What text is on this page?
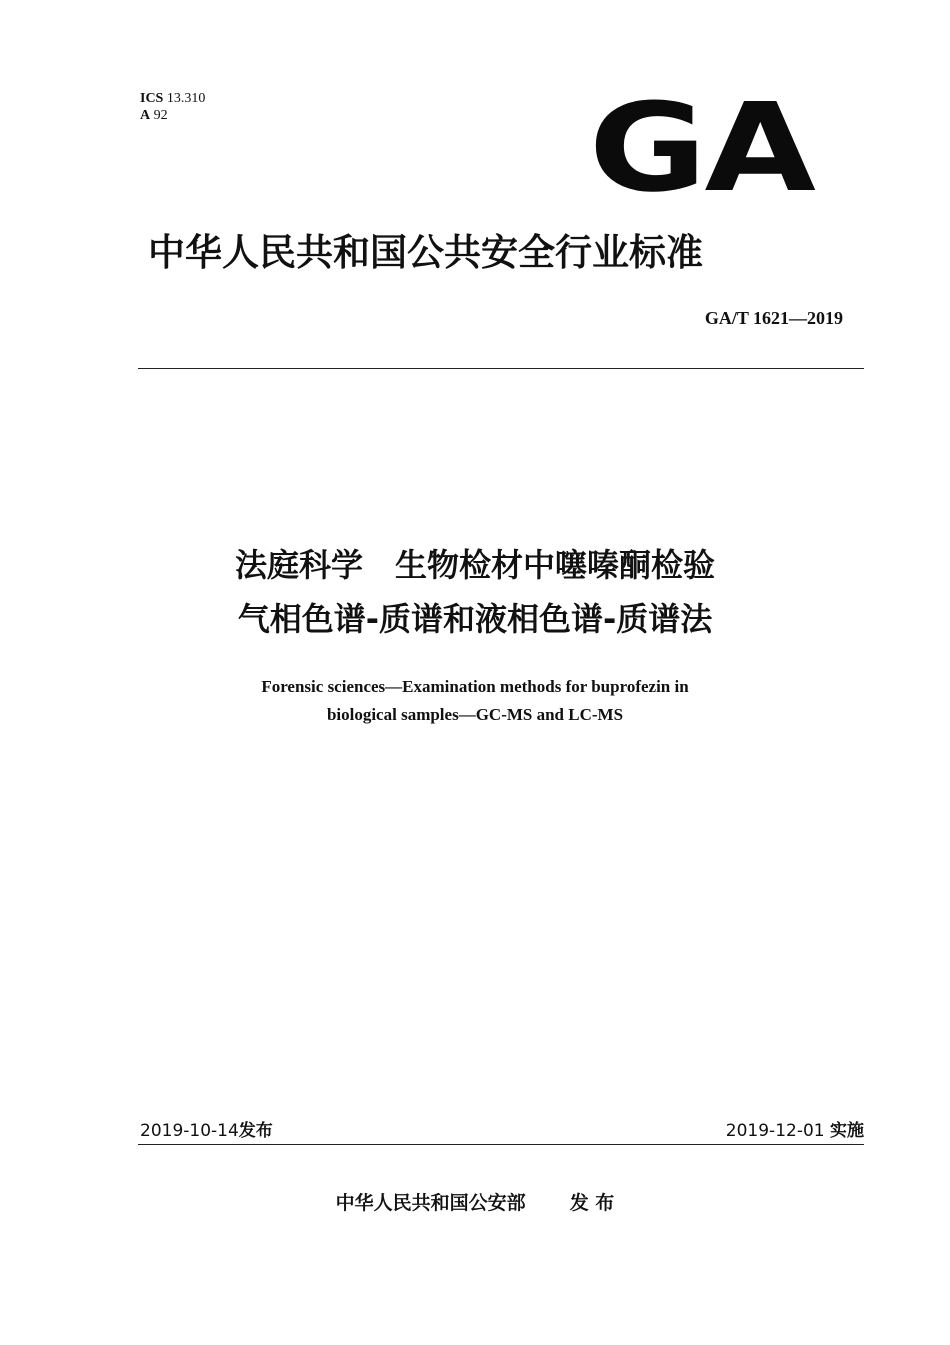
ICS 13.310
A 92	GA
中华人民共和国公共安全行业标准
GA/T 1621—2019
法庭科学　生物检材中噻嗪酮检验
气相色谱-质谱和液相色谱-质谱法
Forensic sciences—Examination methods for buprofezin in
biological samples—GC-MS and LC-MS
2019-10-14发布	2019-12-01 实施
中华人民共和国公安部 发 布
